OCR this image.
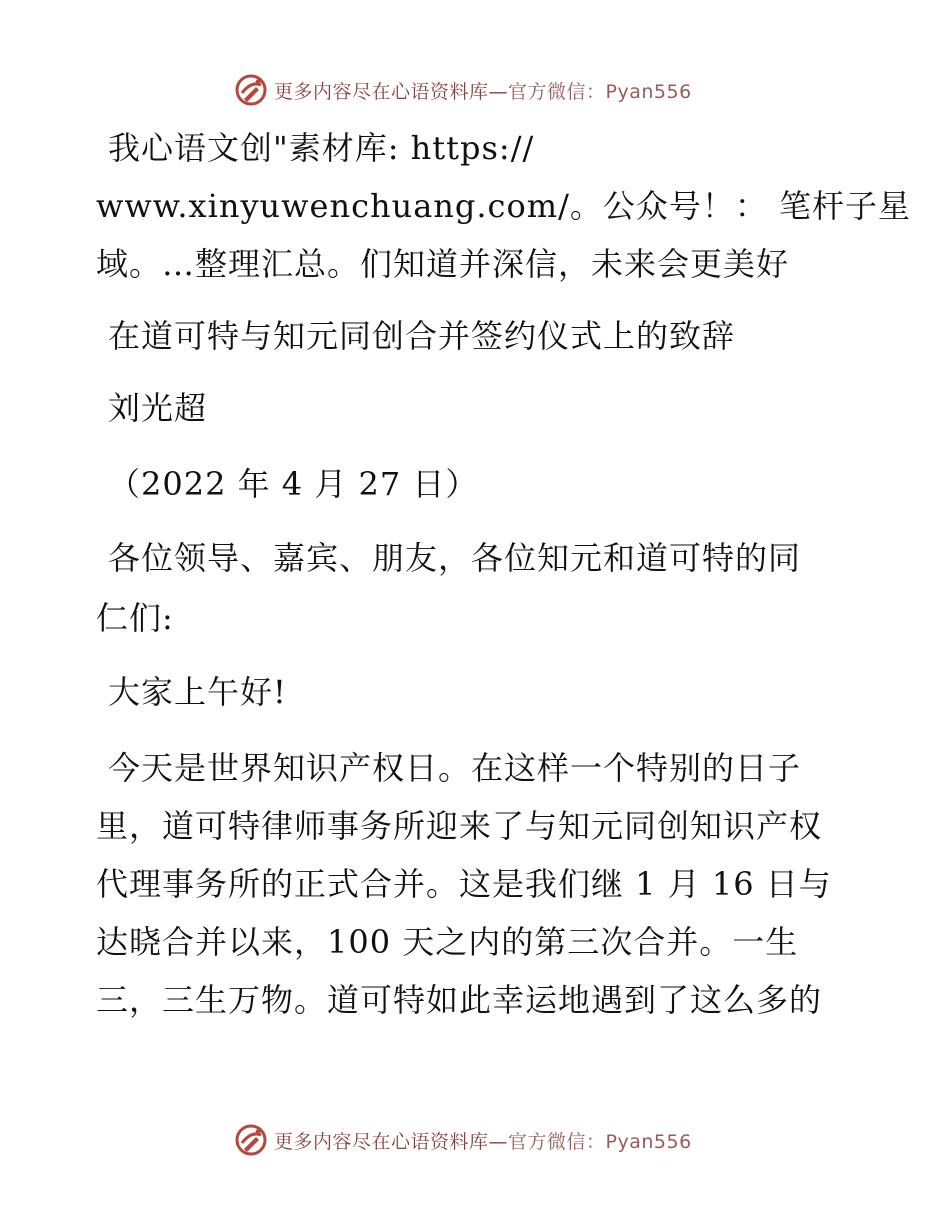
更多内容尽在心语资料库—官方微信：Pyan556

我心语文创"素材库: https://

www.xinyuwenchuang.com/。公众号！： 笔杆子星

域。…整理汇总。们知道并深信，未来会更美好

在道可特与知元同创合并签约仪式上的致辞

刘光超

（2022 年 4 月 27 日）

各位领导、嘉宾、朋友，各位知元和道可特的同

仁们:

大家上午好!

今天是世界知识产权日。在这样一个特别的日子

里，道可特律师事务所迎来了与知元同创知识产权

代理事务所的正式合并。这是我们继 1 月 16 日与

达晓合并以来，100 天之内的第三次合并。一生

三，三生万物。道可特如此幸运地遇到了这么多的

更多内容尽在心语资料库—官方微信：Pyan556
